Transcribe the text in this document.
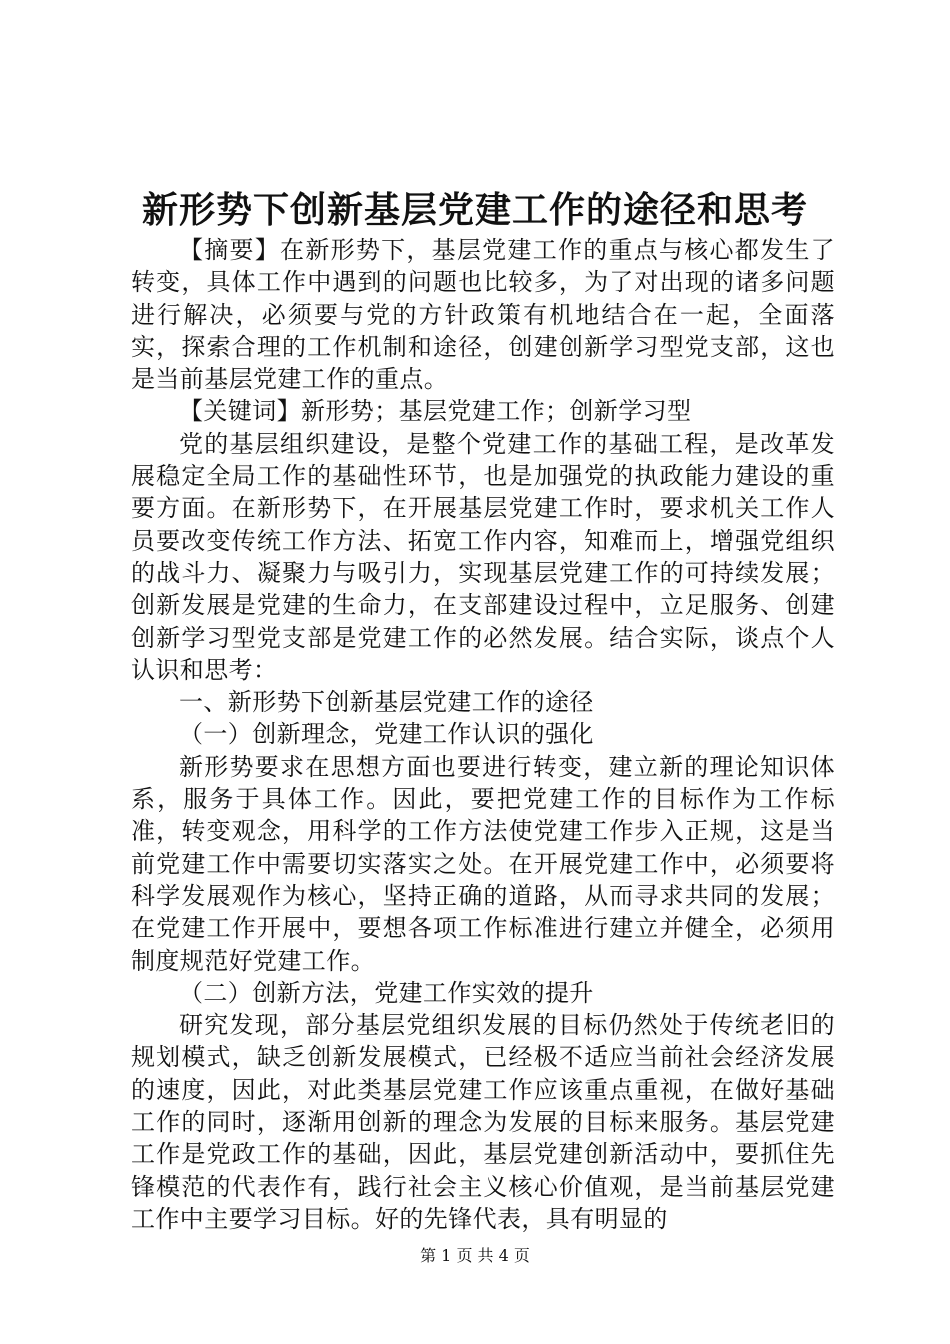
新形势下创新基层党建工作的途径和思考

【摘要】在新形势下，基层党建工作的重点与核心都发生了转变，具体工作中遇到的问题也比较多，为了对出现的诸多问题进行解决，必须要与党的方针政策有机地结合在一起，全面落实，探索合理的工作机制和途径，创建创新学习型党支部，这也是当前基层党建工作的重点。

【关键词】新形势；基层党建工作；创新学习型

党的基层组织建设，是整个党建工作的基础工程，是改革发展稳定全局工作的基础性环节，也是加强党的执政能力建设的重要方面。在新形势下，在开展基层党建工作时，要求机关工作人员要改变传统工作方法、拓宽工作内容，知难而上，增强党组织的战斗力、凝聚力与吸引力，实现基层党建工作的可持续发展；创新发展是党建的生命力，在支部建设过程中，立足服务、创建创新学习型党支部是党建工作的必然发展。结合实际，谈点个人认识和思考：

一、新形势下创新基层党建工作的途径

（一）创新理念，党建工作认识的强化

新形势要求在思想方面也要进行转变，建立新的理论知识体系，服务于具体工作。因此，要把党建工作的目标作为工作标准，转变观念，用科学的工作方法使党建工作步入正规，这是当前党建工作中需要切实落实之处。在开展党建工作中，必须要将科学发展观作为核心，坚持正确的道路，从而寻求共同的发展；在党建工作开展中，要想各项工作标准进行建立并健全，必须用制度规范好党建工作。

（二）创新方法，党建工作实效的提升

研究发现，部分基层党组织发展的目标仍然处于传统老旧的规划模式，缺乏创新发展模式，已经极不适应当前社会经济发展的速度，因此，对此类基层党建工作应该重点重视，在做好基础工作的同时，逐渐用创新的理念为发展的目标来服务。基层党建工作是党政工作的基础，因此，基层党建创新活动中，要抓住先锋模范的代表作有，践行社会主义核心价值观，是当前基层党建工作中主要学习目标。好的先锋代表，具有明显的

第 1 页 共 4 页
